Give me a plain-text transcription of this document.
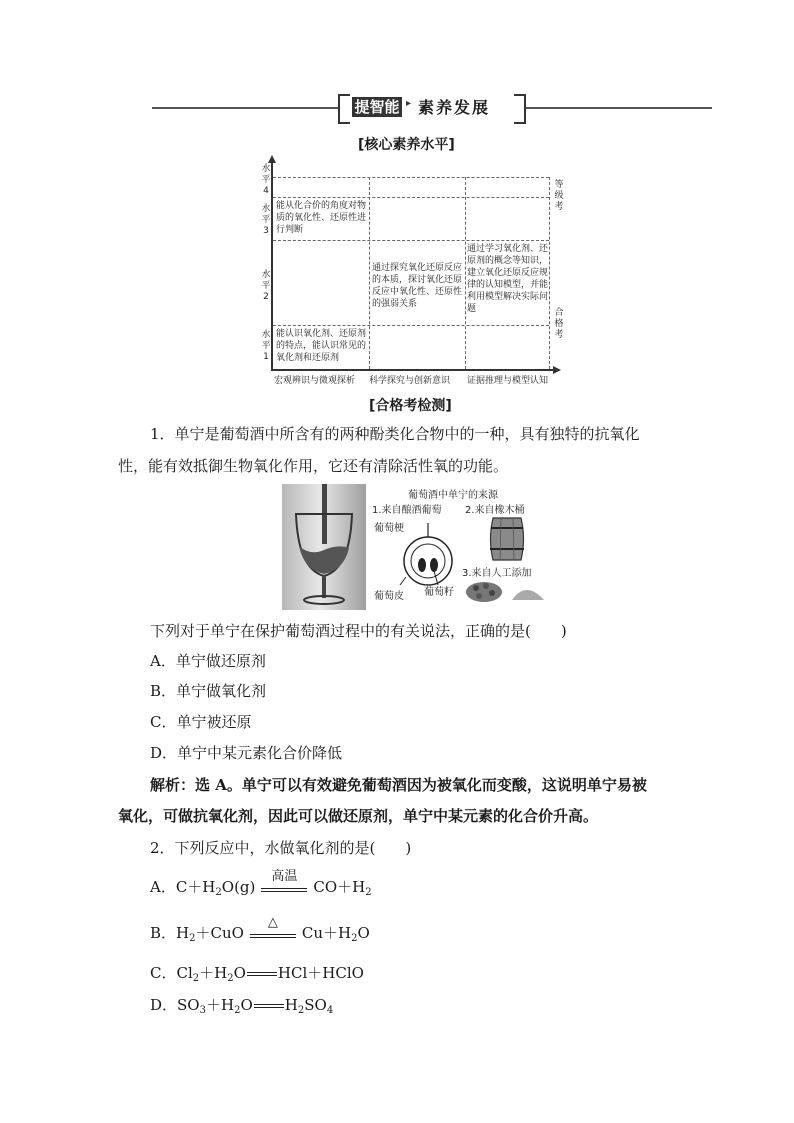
提智能 ▸ 素养发展
[核心素养水平]
水平4
水平3
水平2
水平1
等级考
合格考
能从化合价的角度对物质的氧化性、还原性进行判断
通过探究氧化还原反应的本质，探讨氧化还原反应中氧化性、还原性的强弱关系
通过学习氧化剂、还原剂的概念等知识，建立氧化还原反应规律的认知模型，并能利用模型解决实际问题
能认识氧化剂、还原剂的特点，能认识常见的氧化剂和还原剂
宏观辨识与微观探析 科学探究与创新意识 证据推理与模型认知
[合格考检测]
1．单宁是葡萄酒中所含有的两种酚类化合物中的一种，具有独特的抗氧化
性，能有效抵御生物氧化作用，它还有清除活性氧的功能。
葡萄酒中单宁的来源
1.来自酿酒葡萄 2.来自橡木桶
葡萄梗
3.来自人工添加
葡萄皮 葡萄籽
下列对于单宁在保护葡萄酒过程中的有关说法，正确的是(　　)
A．单宁做还原剂
B．单宁做氧化剂
C．单宁被还原
D．单宁中某元素化合价降低
解析：选 A。单宁可以有效避免葡萄酒因为被氧化而变酸，这说明单宁易被
氧化，可做抗氧化剂，因此可以做还原剂，单宁中某元素的化合价升高。
2．下列反应中，水做氧化剂的是(　　)
A．$C+H_2O(g)$
高温
$CO+H_2$
B．$H_2+CuO$
△
$Cu+H_2O$
C．$Cl_2+H_2O$ HCl＋HClO
D．$SO_3+H_2O$ $H_2SO_4$
